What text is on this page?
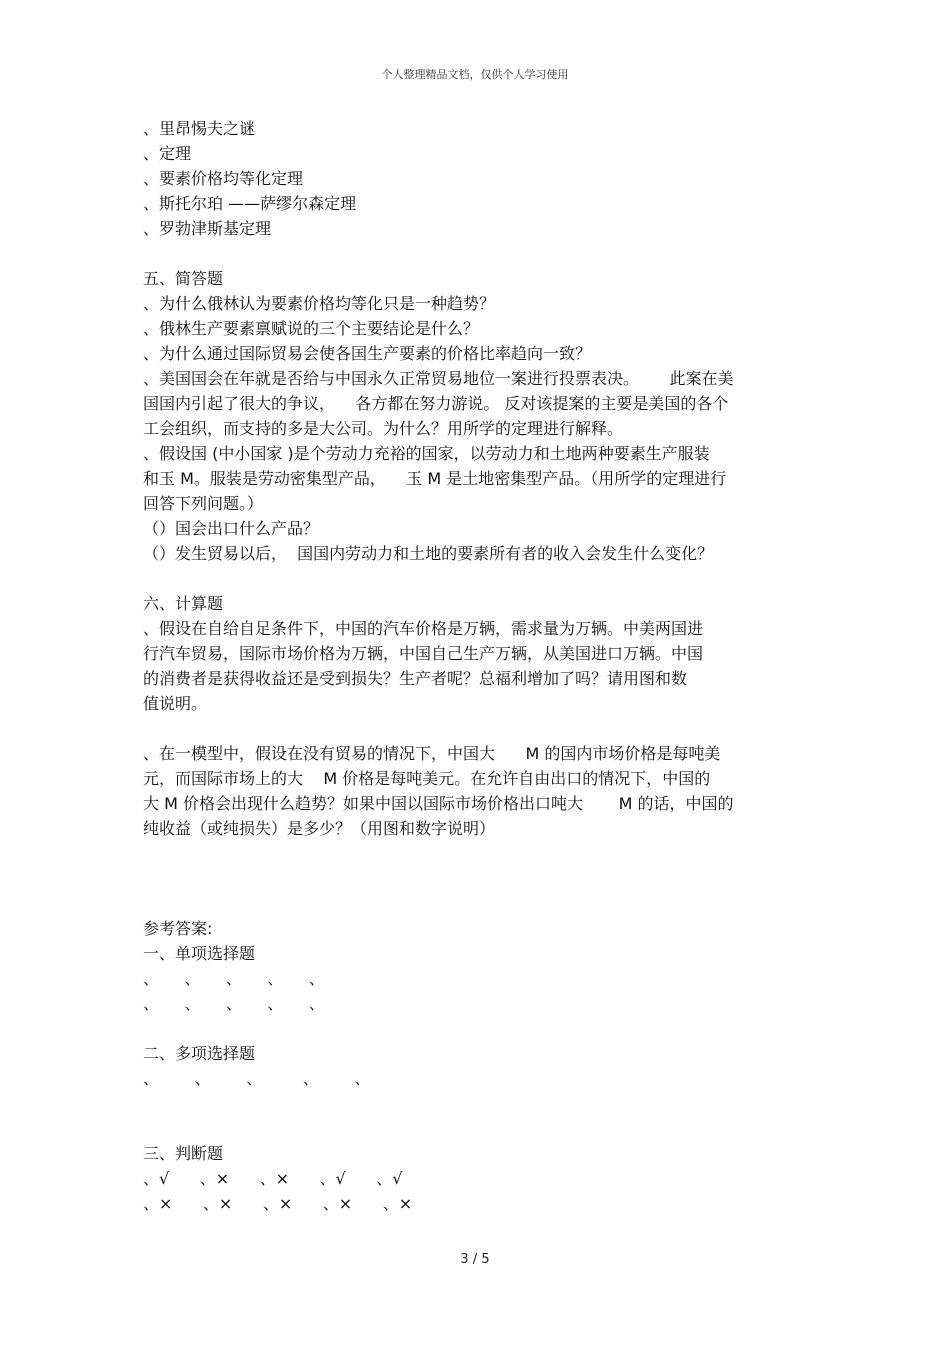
个人整理精品文档，仅供个人学习使用
、里昂惕夫之谜
、定理
、要素价格均等化定理
、斯托尔珀 ——萨缪尔森定理
、罗勃津斯基定理
五、简答题
、为什么俄林认为要素价格均等化只是一种趋势？
、俄林生产要素禀赋说的三个主要结论是什么？
、为什么通过国际贸易会使各国生产要素的价格比率趋向一致？
、美国国会在年就是否给与中国永久正常贸易地位一案进行投票表决。      此案在美
国国内引起了很大的争议，    各方都在努力游说。 反对该提案的主要是美国的各个
工会组织，而支持的多是大公司。为什么？用所学的定理进行解释。
、假设国 (中小国家 )是个劳动力充裕的国家，以劳动力和土地两种要素生产服装
和玉 M。服装是劳动密集型产品，    玉 M 是土地密集型产品。（用所学的定理进行
回答下列问题。）
（）国会出口什么产品？
（）发生贸易以后，  国国内劳动力和土地的要素所有者的收入会发生什么变化？
六、计算题
、假设在自给自足条件下，中国的汽车价格是万辆，需求量为万辆。中美两国进
行汽车贸易，国际市场价格为万辆，中国自己生产万辆，从美国进口万辆。中国
的消费者是获得收益还是受到损失？生产者呢？总福利增加了吗？请用图和数
值说明。
、在一模型中，假设在没有贸易的情况下，中国大      M 的国内市场价格是每吨美
元，而国际市场上的大    M 价格是每吨美元。在允许自由出口的情况下，中国的
大 M 价格会出现什么趋势？如果中国以国际市场价格出口吨大       M 的话，中国的
纯收益（或纯损失）是多少？（用图和数字说明）
参考答案:
一、单项选择题
、     、     、     、     、
、     、     、     、     、
二、多项选择题
、       、       、        、       、
三、判断题
、√      、×      、×      、√      、√
、×      、×      、×      、×      、×
3 / 5
